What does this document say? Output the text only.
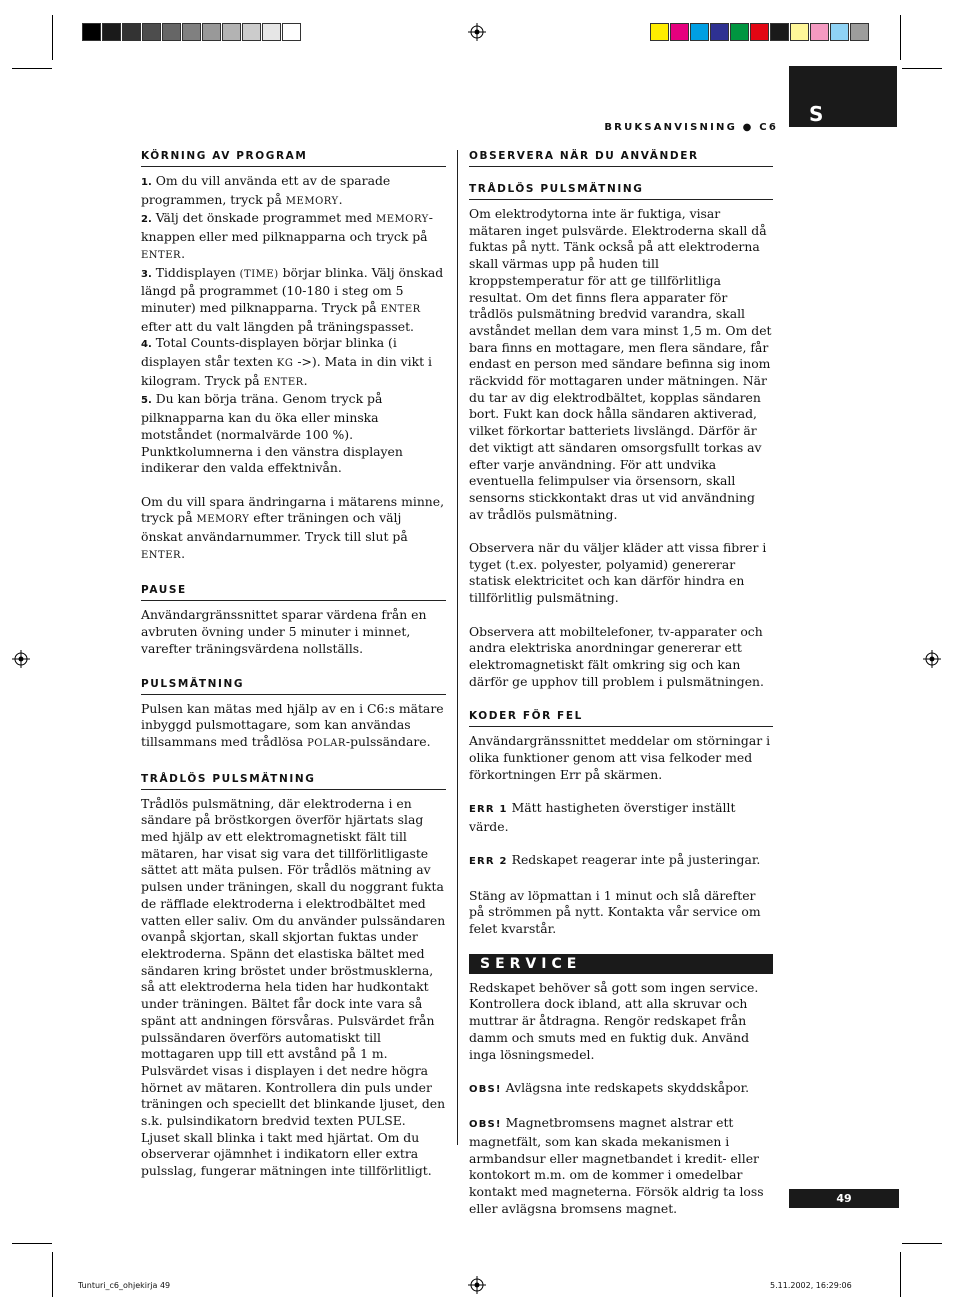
S
BRUKSANVISNING ● C6
KÖRNING AV PROGRAM

1. Om du vill använda ett av de sparade programmen, tryck på MEMORY.
2. Välj det önskade programmet med MEMORY-knappen eller med pilknapparna och tryck på ENTER.
3. Tiddisplayen (TIME) börjar blinka. Välj önskad längd på programmet (10-180 i steg om 5 minuter) med pilknapparna. Tryck på ENTER efter att du valt längden på träningspasset.
4. Total Counts-displayen börjar blinka (i displayen står texten KG ->). Mata in din vikt i kilogram. Tryck på ENTER.
5. Du kan börja träna. Genom tryck på pilknapparna kan du öka eller minska motståndet (normalvärde 100 %). Punktkolumnerna i den vänstra displayen indikerar den valda effektnivån.

Om du vill spara ändringarna i mätarens minne, tryck på MEMORY efter träningen och välj önskat användarnummer. Tryck till slut på ENTER.

PAUSE

Användargränssnittet sparar värdena från en avbruten övning under 5 minuter i minnet, varefter träningsvärdena nollställs.

PULSMÄTNING

Pulsen kan mätas med hjälp av en i C6:s mätare inbyggd pulsmottagare, som kan användas tillsammans med trådlösa POLAR-pulssändare.

TRÅDLÖS PULSMÄTNING

Trådlös pulsmätning, där elektroderna i en sändare på bröstkorgen överför hjärtats slag med hjälp av ett elektromagnetiskt fält till mätaren, har visat sig vara det tillförlitligaste sättet att mäta pulsen. För trådlös mätning av pulsen under träningen, skall du noggrant fukta de räfflade elektroderna i elektrodbältet med vatten eller saliv. Om du använder pulssändaren ovanpå skjortan, skall skjortan fuktas under elektroderna. Spänn det elastiska bältet med sändaren kring bröstet under bröstmusklerna, så att elektroderna hela tiden har hudkontakt under träningen. Bältet får dock inte vara så spänt att andningen försvåras. Pulsvärdet från pulssändaren överförs automatiskt till mottagaren upp till ett avstånd på 1 m. Pulsvärdet visas i displayen i det nedre högra hörnet av mätaren. Kontrollera din puls under träningen och speciellt det blinkande ljuset, den s.k. pulsindikatorn bredvid texten PULSE. Ljuset skall blinka i takt med hjärtat. Om du observerar ojämnhet i indikatorn eller extra pulsslag, fungerar mätningen inte tillförlitligt.

OBSERVERA NÄR DU ANVÄNDER
TRÅDLÖS PULSMÄTNING

Om elektrodytorna inte är fuktiga, visar mätaren inget pulsvärde. Elektroderna skall då fuktas på nytt. Tänk också på att elektroderna skall värmas upp på huden till kroppstemperatur för att ge tillförlitliga resultat. Om det finns flera apparater för trådlös pulsmätning bredvid varandra, skall avståndet mellan dem vara minst 1,5 m. Om det bara finns en mottagare, men flera sändare, får endast en person med sändare befinna sig inom räckvidd för mottagaren under mätningen. När du tar av dig elektrodbältet, kopplas sändaren bort. Fukt kan dock hålla sändaren aktiverad, vilket förkortar batteriets livslängd. Därför är det viktigt att sändaren omsorgsfullt torkas av efter varje användning. För att undvika eventuella felimpulser via örsensorn, skall sensorns stickkontakt dras ut vid användning av trådlös pulsmätning.

Observera när du väljer kläder att vissa fibrer i tyget (t.ex. polyester, polyamid) genererar statisk elektricitet och kan därför hindra en tillförlitlig pulsmätning.

Observera att mobiltelefoner, tv-apparater och andra elektriska anordningar genererar ett elektromagnetiskt fält omkring sig och kan därför ge upphov till problem i pulsmätningen.

KODER FÖR FEL

Användargränssnittet meddelar om störningar i olika funktioner genom att visa felkoder med förkortningen Err på skärmen.

ERR 1 Mätt hastigheten överstiger inställt värde.

ERR 2 Redskapet reagerar inte på justeringar.

Stäng av löpmattan i 1 minut och slå därefter på strömmen på nytt. Kontakta vår service om felet kvarstår.

SERVICE

Redskapet behöver så gott som ingen service. Kontrollera dock ibland, att alla skruvar och muttrar är åtdragna. Rengör redskapet från damm och smuts med en fuktig duk. Använd inga lösningsmedel.

OBS! Avlägsna inte redskapets skyddskåpor.

OBS! Magnetbromsens magnet alstrar ett magnetfält, som kan skada mekanismen i armbandsur eller magnetbandet i kredit- eller kontokort m.m. om de kommer i omedelbar kontakt med magneterna. Försök aldrig ta loss eller avlägsna bromsens magnet.

49
Tunturi_c6_ohjekirja 49	5.11.2002, 16:29:06
